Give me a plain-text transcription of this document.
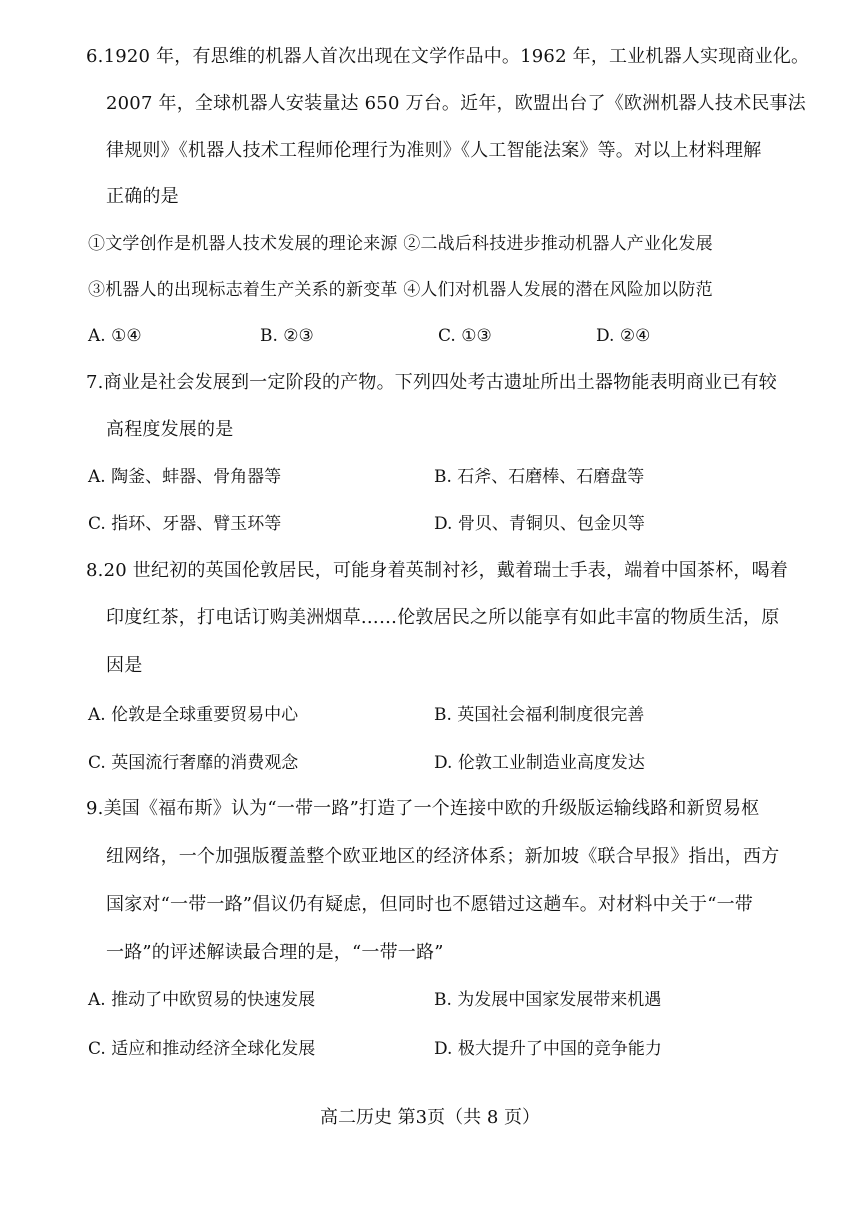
6.1920 年，有思维的机器人首次出现在文学作品中。1962 年，工业机器人实现商业化。
2007 年，全球机器人安装量达 650 万台。近年，欧盟出台了《欧洲机器人技术民事法
律规则》《机器人技术工程师伦理行为准则》《人工智能法案》等。对以上材料理解
正确的是
①文学创作是机器人技术发展的理论来源 ②二战后科技进步推动机器人产业化发展
③机器人的出现标志着生产关系的新变革 ④人们对机器人发展的潜在风险加以防范
A. ①④	B. ②③	C. ①③	D. ②④
7.商业是社会发展到一定阶段的产物。下列四处考古遗址所出土器物能表明商业已有较
高程度发展的是
A. 陶釜、蚌器、骨角器等	B. 石斧、石磨棒、石磨盘等
C. 指环、牙器、臂玉环等	D. 骨贝、青铜贝、包金贝等
8.20 世纪初的英国伦敦居民，可能身着英制衬衫，戴着瑞士手表，端着中国茶杯，喝着
印度红茶，打电话订购美洲烟草……伦敦居民之所以能享有如此丰富的物质生活，原
因是
A. 伦敦是全球重要贸易中心	B. 英国社会福利制度很完善
C. 英国流行奢靡的消费观念	D. 伦敦工业制造业高度发达
9.美国《福布斯》认为“一带一路”打造了一个连接中欧的升级版运输线路和新贸易枢
纽网络，一个加强版覆盖整个欧亚地区的经济体系；新加坡《联合早报》指出，西方
国家对“一带一路”倡议仍有疑虑，但同时也不愿错过这趟车。对材料中关于“一带
一路”的评述解读最合理的是，“一带一路”
A. 推动了中欧贸易的快速发展	B. 为发展中国家发展带来机遇
C. 适应和推动经济全球化发展	D. 极大提升了中国的竞争能力
高二历史 第3页（共 8 页）
